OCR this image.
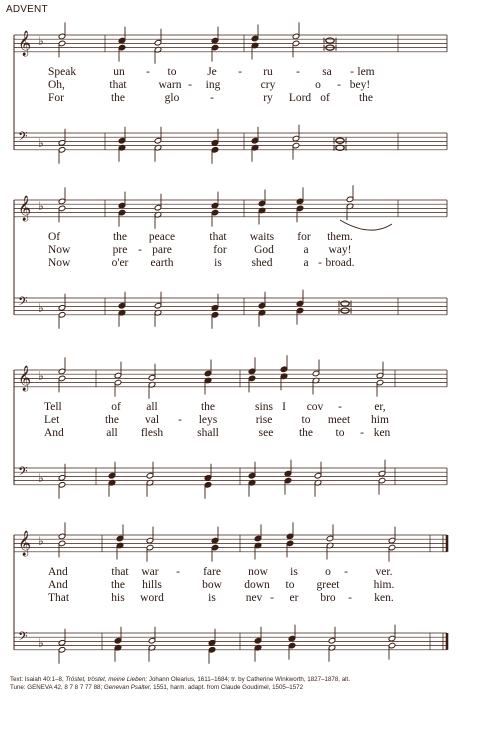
ADVENT
𝄞 ♭
𝄢 ♭
Speak	un - to	Je - ru - sa - lem
Oh,	that	warn - ing	cry	o - bey!
For	the	glo	-	ry	of	the
Lord
𝄞 ♭
𝄢 ♭
Of	the peace	that waits for them.
Now	pre - pare	for God	a way!
Now	o'er earth	is	shed	a - broad.
𝄞 ♭
𝄢 ♭
Tell	of all	the	sins I cov -	er,
Let	the val - leys	rise	to meet him
And	all flesh	shall	see the to - ken
𝄞 ♭
𝄢 ♭
And	that war - fare now is o - ver.
And	the hills	bow down to greet	him.
That	his word	is	nev - er bro - ken.
Text: Isaiah 40:1–8, Tröstet, tröstet, meine Lieben; Johann Olearius, 1611–1684; tr. by Catherine Winkworth, 1827–1878, alt.
Tune: GENEVA 42, 8 7 8 7 77 88; Genevan Psalter, 1551, harm. adapt. from Claude Goudimel, 1505–1572
